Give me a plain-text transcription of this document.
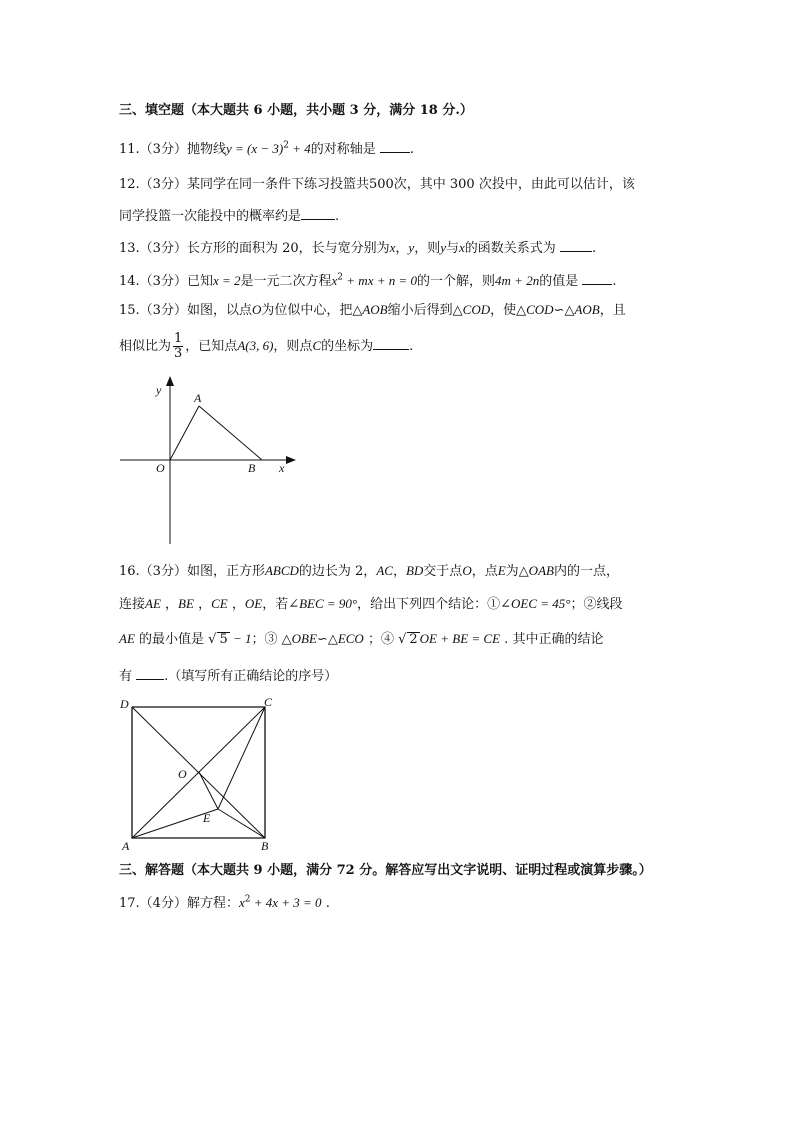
三、填空题（本大题共 6 小题，共小题 3 分，满分 18 分.）
11.（3分）抛物线$y = (x - 3)^2 + 4$的对称轴是	.
12.（3分）某同学在同一条件下练习投篮共500次，其中 300 次投中，由此可以估计，该
同学投篮一次能投中的概率约是	.
13.（3分）长方形的面积为 20，长与宽分别为x，y，则y与x的函数关系式为	.
14.（3分）已知x = 2是一元二次方程$x^2$ + mx + n = 0的一个解，则4m + 2n的值是	.
15.（3分）如图，以点O为位似中心，把△AOB缩小后得到△COD，使△COD∽△AOB，且
相似比为 $\frac{1}{3}$ ，已知点A(3, 6)，则点C的坐标为	.
y
A
O	B x
16.（3分）如图，正方形ABCD的边长为 2，AC，BD交于点O，点E为△OAB内的一点，
连接AE ，BE ，CE ，OE，若∠BEC = 90°，给出下列四个结论：①∠OEC = 45°；②线段
AE 的最小值是 √ 5 − 1；③ △OBE∽△ECO ；④ √ 2 OE + BE = CE . 其中正确的结论
有 .（填写所有正确结论的序号）
D	C
O
E
A	B
三、解答题（本大题共 9 小题，满分 72 分。解答应写出文字说明、证明过程或演算步骤。）
17.（4分）解方程：$x^2 + 4x + 3 = 0$ .
